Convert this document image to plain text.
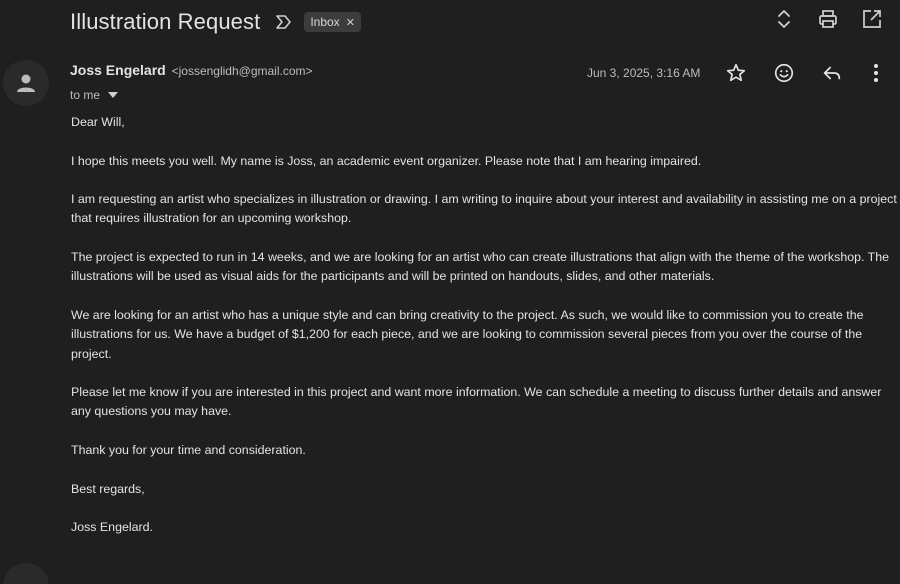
Illustration Request	Inbox ✕
Joss Engelard <jossenglidh@gmail.com>
to me
Jun 3, 2025, 3:16 AM

Dear Will,

I hope this meets you well. My name is Joss, an academic event organizer. Please note that I am hearing impaired.

I am requesting an artist who specializes in illustration or drawing. I am writing to inquire about your interest and availability in assisting me on a project that requires illustration for an upcoming workshop.

The project is expected to run in 14 weeks, and we are looking for an artist who can create illustrations that align with the theme of the workshop. The illustrations will be used as visual aids for the participants and will be printed on handouts, slides, and other materials.

We are looking for an artist who has a unique style and can bring creativity to the project. As such, we would like to commission you to create the illustrations for us. We have a budget of $1,200 for each piece, and we are looking to commission several pieces from you over the course of the project.

Please let me know if you are interested in this project and want more information. We can schedule a meeting to discuss further details and answer any questions you may have.

Thank you for your time and consideration.

Best regards,

Joss Engelard.
